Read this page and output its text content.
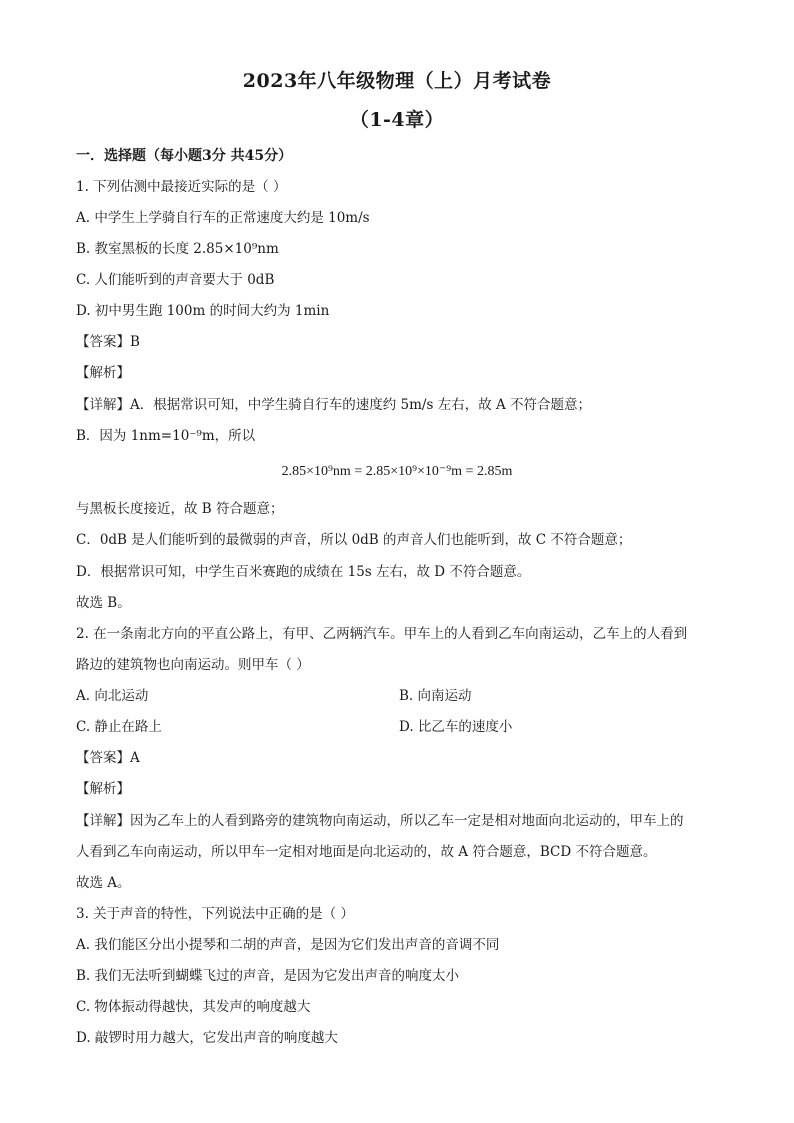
2023年八年级物理（上）月考试卷
（1-4章）
一．选择题（每小题3分 共45分）
1. 下列估测中最接近实际的是（ ）
A. 中学生上学骑自行车的正常速度大约是 10m/s
B. 教室黑板的长度 2.85×10⁹nm
C. 人们能听到的声音要大于 0dB
D. 初中男生跑 100m 的时间大约为 1min
【答案】B
【解析】
【详解】A．根据常识可知，中学生骑自行车的速度约 5m/s 左右，故 A 不符合题意；
B．因为 1nm=10⁻⁹m，所以
2.85×10⁹nm = 2.85×10⁹×10⁻⁹m = 2.85m
与黑板长度接近，故 B 符合题意；
C．0dB 是人们能听到的最微弱的声音，所以 0dB 的声音人们也能听到，故 C 不符合题意；
D．根据常识可知，中学生百米赛跑的成绩在 15s 左右，故 D 不符合题意。
故选 B。
2. 在一条南北方向的平直公路上，有甲、乙两辆汽车。甲车上的人看到乙车向南运动，乙车上的人看到
路边的建筑物也向南运动。则甲车（ ）
A. 向北运动	B. 向南运动
C. 静止在路上	D. 比乙车的速度小
【答案】A
【解析】
【详解】因为乙车上的人看到路旁的建筑物向南运动，所以乙车一定是相对地面向北运动的，甲车上的
人看到乙车向南运动，所以甲车一定相对地面是向北运动的，故 A 符合题意，BCD 不符合题意。
故选 A。
3. 关于声音的特性，下列说法中正确的是（ ）
A. 我们能区分出小提琴和二胡的声音，是因为它们发出声音的音调不同
B. 我们无法听到蝴蝶飞过的声音，是因为它发出声音的响度太小
C. 物体振动得越快，其发声的响度越大
D. 敲锣时用力越大，它发出声音的响度越大
